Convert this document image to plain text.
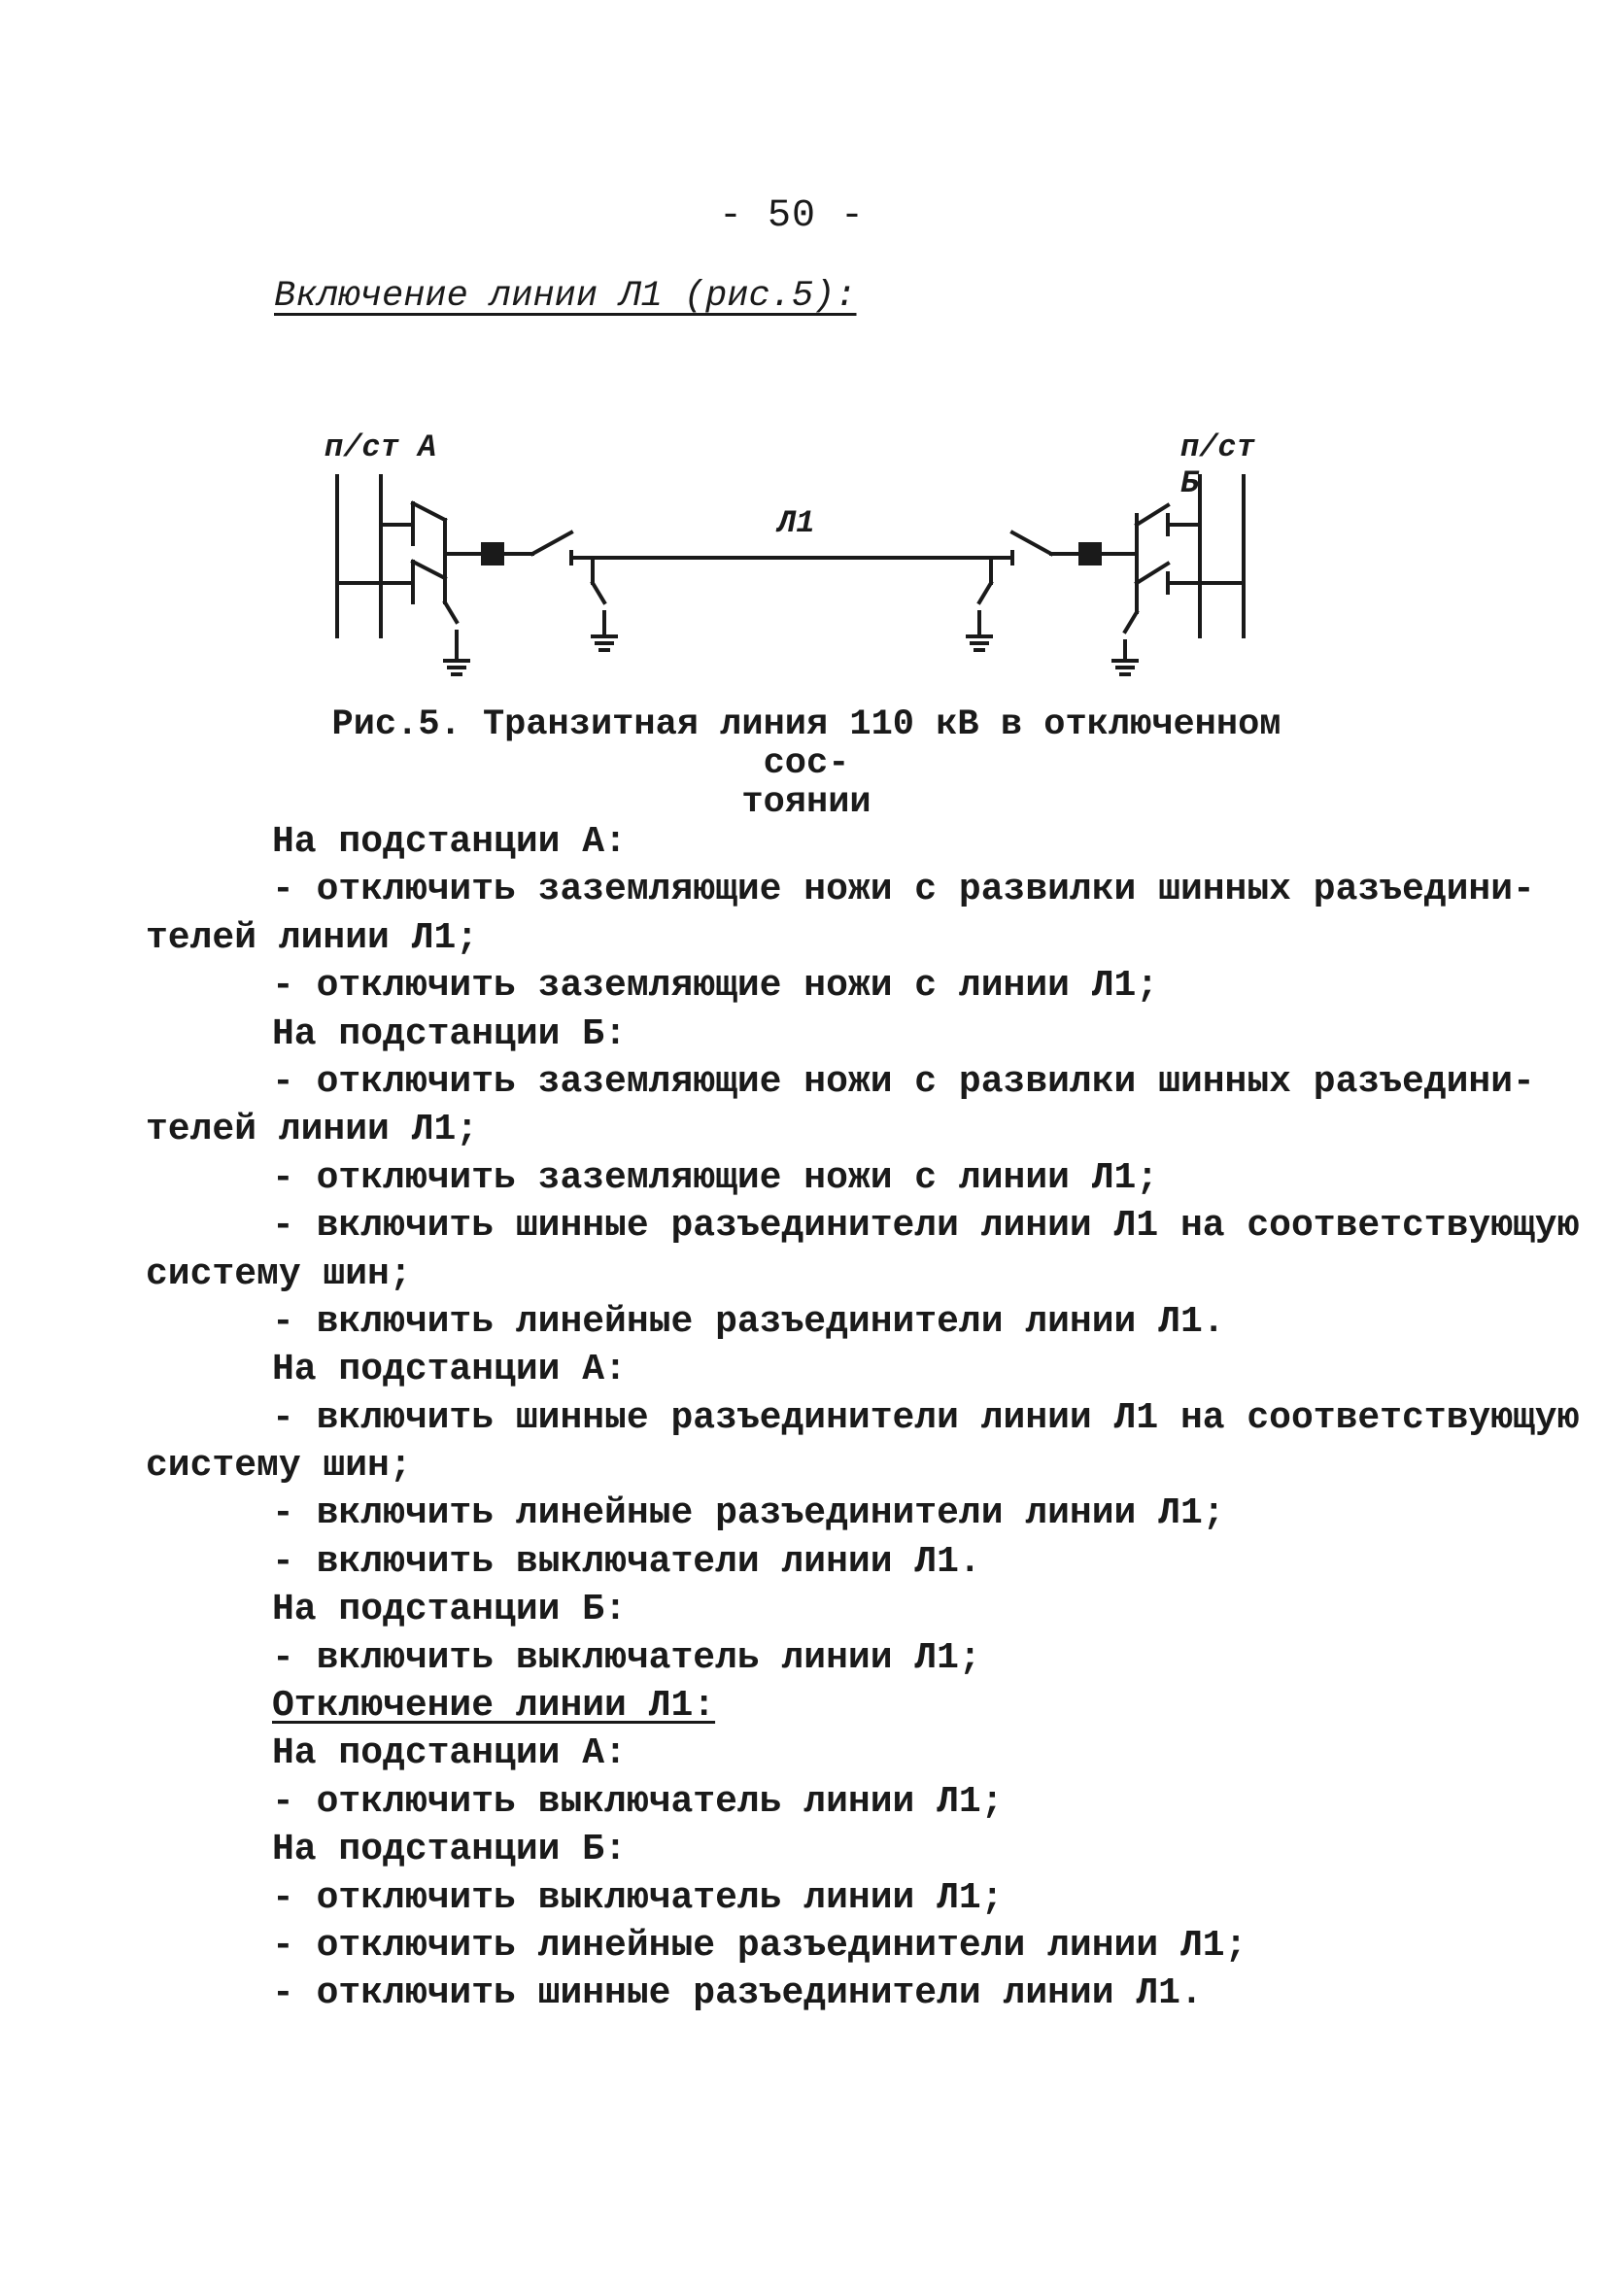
- 50 -
Включение линии Л1 (рис.5):
п/ст А	п/ст Б
Л1
Рис.5. Транзитная линия 110 кВ в отключенном сос-
тоянии
На подстанции А:
- отключить заземляющие ножи с развилки шинных разъедини-
телей линии Л1;
- отключить заземляющие ножи с линии Л1;
На подстанции Б:
- отключить заземляющие ножи с развилки шинных разъедини-
телей линии Л1;
- отключить заземляющие ножи с линии Л1;
- включить шинные разъединители линии Л1 на соответствующую
систему шин;
- включить линейные разъединители линии Л1.
На подстанции А:
- включить шинные разъединители линии Л1 на соответствующую
систему шин;
- включить линейные разъединители линии Л1;
- включить выключатели линии Л1.
На подстанции Б:
- включить выключатель линии Л1;
Отключение линии Л1:
На подстанции А:
- отключить выключатель линии Л1;
На подстанции Б:
- отключить выключатель линии Л1;
- отключить линейные разъединители линии Л1;
- отключить шинные разъединители линии Л1.
